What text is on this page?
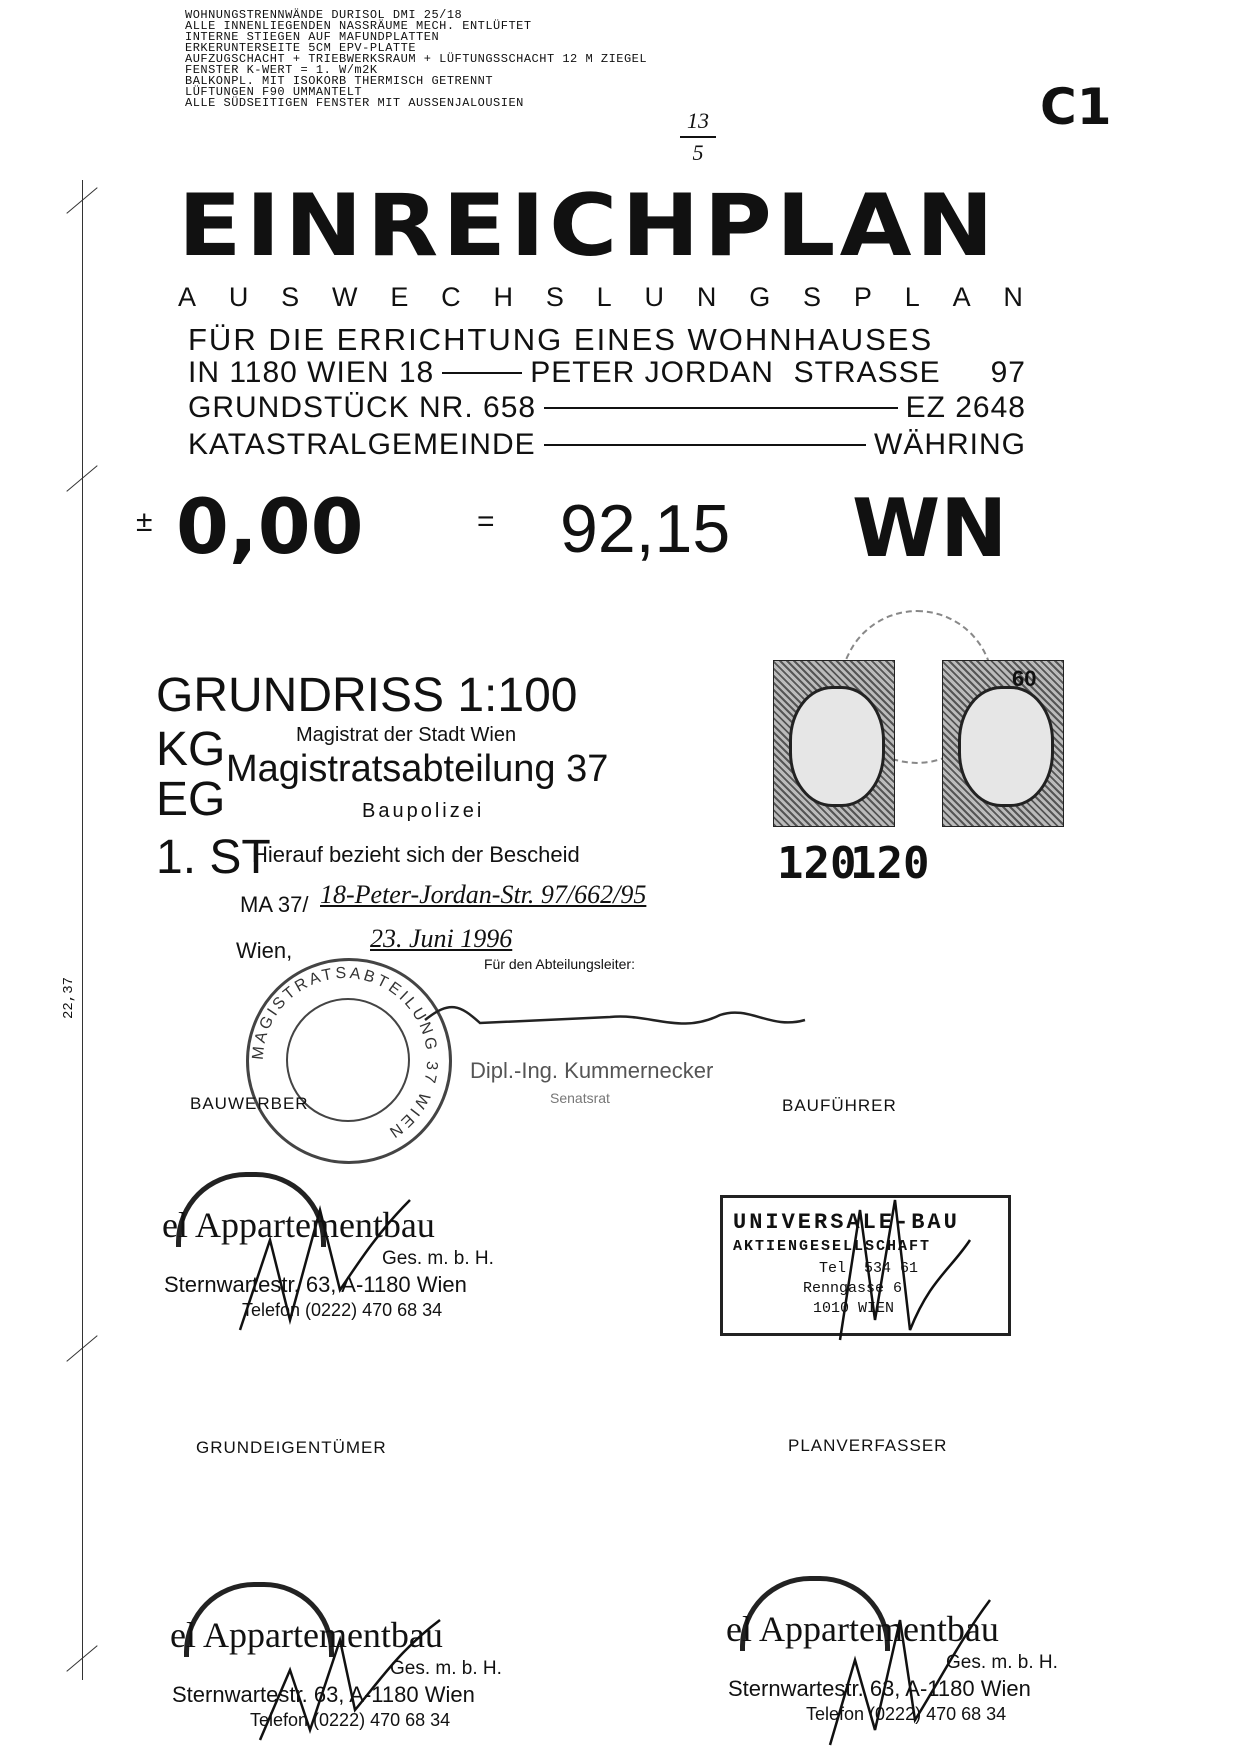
22,37
WOHNUNGSTRENNWÄNDE DURISOL DMI 25/18
ALLE INNENLIEGENDEN NASSRÄUME MECH. ENTLÜFTET
INTERNE STIEGEN AUF MAFUNDPLATTEN
ERKERUNTERSEITE 5CM EPV-PLATTE
AUFZUGSCHACHT + TRIEBWERKSRAUM + LÜFTUNGSSCHACHT 12 M ZIEGEL
FENSTER K-WERT = 1. W/m2K
BALKONPL. MIT ISOKORB THERMISCH GETRENNT
LÜFTUNGEN F90 UMMANTELT
ALLE SÜDSEITIGEN FENSTER MIT AUSSENJALOUSIEN
13
5
C1
EINREICHPLAN
A U S W E C H S L U N G S P L A N
FÜR DIE ERRICHTUNG EINES WOHNHAUSES
IN 1180 WIEN 18	PETER JORDAN STRASSE 97
GRUNDSTÜCK NR. 658	EZ 2648
KATASTRALGEMEINDE	WÄHRING
± 0,00	= 92,15 WN
GRUNDRISS 1:100
KG
EG
1. ST
Magistrat der Stadt Wien
Magistratsabteilung 37
Baupolizei
Hierauf bezieht sich der Bescheid
MA 37/ 18-Peter-Jordan-Str. 97/662/95
Wien,	23. Juni 1996
Für den Abteilungsleiter:
MAGISTRATSABTEILUNG 37 WIEN
Dipl.-Ing. Kummernecker
Senatsrat
60
120
120
BAUWERBER	BAUFÜHRER
GRUNDEIGENTÜMER	PLANVERFASSER
el Appartementbau
Ges. m. b. H.
Sternwartestr. 63, A-1180 Wien
Telefon (0222) 470 68 34
UNIVERSALE-BAU
AKTIENGESELLSCHAFT
Tel. 534 61
Renngasse 6
1010 WIEN
el Appartementbau
Ges. m. b. H.
Sternwartestr. 63, A-1180 Wien
Telefon (0222) 470 68 34
el Appartementbau
Ges. m. b. H.
Sternwartestr. 63, A-1180 Wien
Telefon (0222) 470 68 34
